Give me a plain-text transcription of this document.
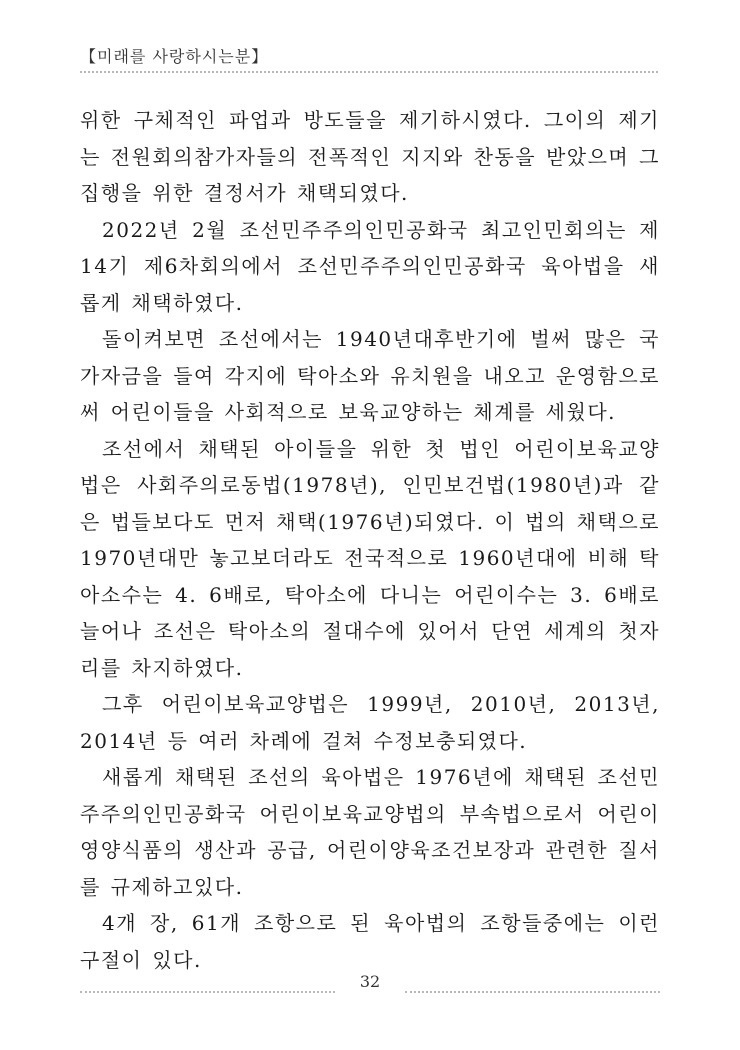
【미래를 사랑하시는분】

위한 구체적인 파업과 방도들을 제기하시였다. 그이의 제기는 전원회의참가자들의 전폭적인 지지와 찬동을 받았으며 그 집행을 위한 결정서가 채택되였다.

2022년 2월 조선민주주의인민공화국 최고인민회의는 제14기 제6차회의에서 조선민주주의인민공화국 육아법을 새롭게 채택하였다.

돌이켜보면 조선에서는 1940년대후반기에 벌써 많은 국가자금을 들여 각지에 탁아소와 유치원을 내오고 운영함으로써 어린이들을 사회적으로 보육교양하는 체계를 세웠다.

조선에서 채택된 아이들을 위한 첫 법인 어린이보육교양법은 사회주의로동법(1978년), 인민보건법(1980년)과 같은 법들보다도 먼저 채택(1976년)되였다. 이 법의 채택으로 1970년대만 놓고보더라도 전국적으로 1960년대에 비해 탁아소수는 4. 6배로, 탁아소에 다니는 어린이수는 3. 6배로 늘어나 조선은 탁아소의 절대수에 있어서 단연 세계의 첫자리를 차지하였다.

그후 어린이보육교양법은 1999년, 2010년, 2013년, 2014년 등 여러 차례에 걸쳐 수정보충되였다.

새롭게 채택된 조선의 육아법은 1976년에 채택된 조선민주주의인민공화국 어린이보육교양법의 부속법으로서 어린이영양식품의 생산과 공급, 어린이양육조건보장과 관련한 질서를 규제하고있다.

4개 장, 61개 조항으로 된 육아법의 조항들중에는 이런 구절이 있다.

32
